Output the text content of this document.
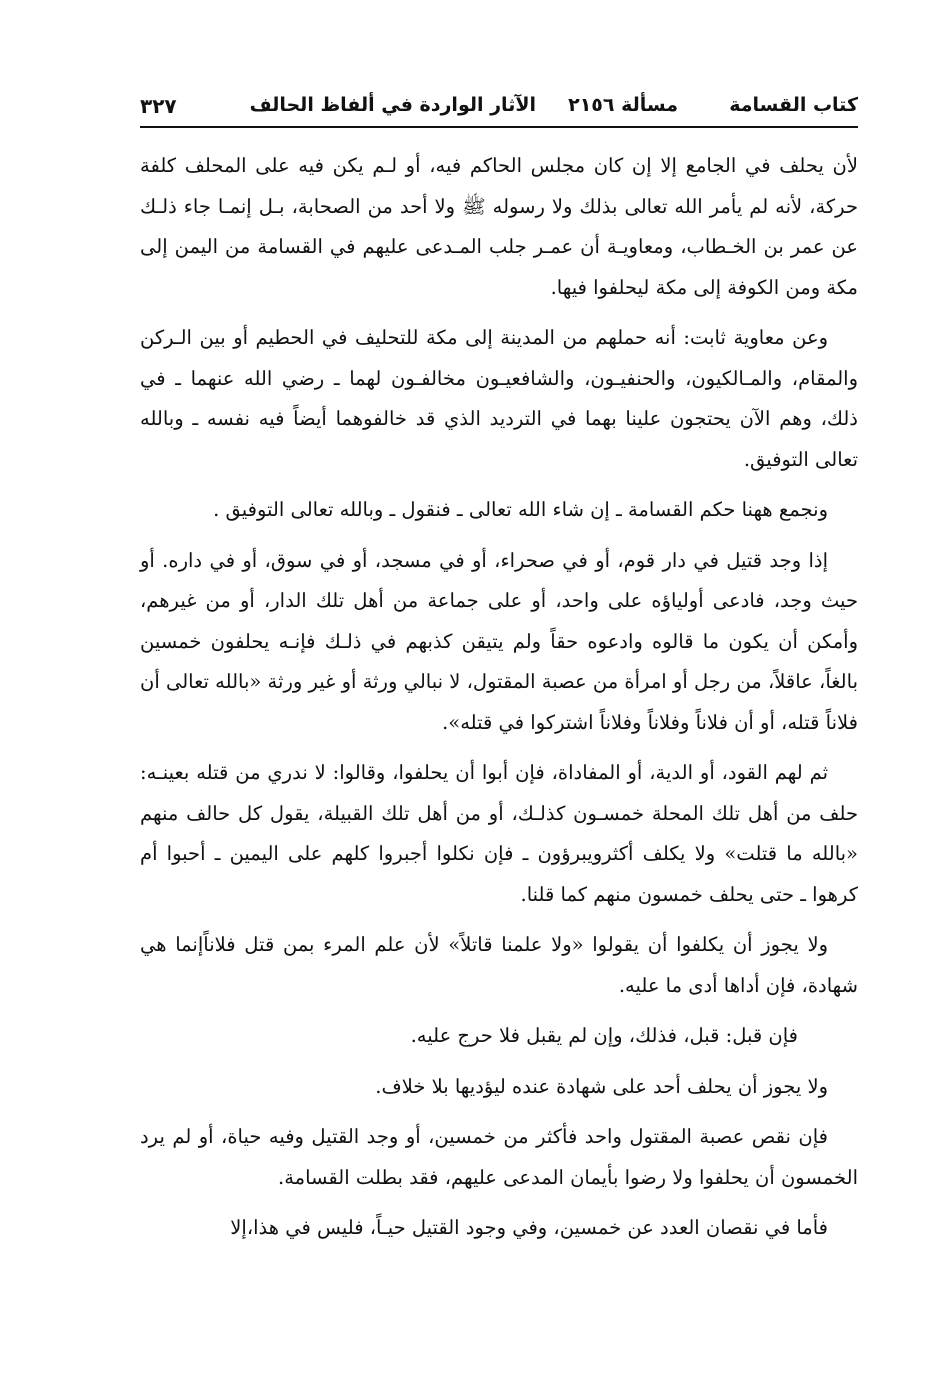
كتاب القسامة
مسألة ٢١٥٦
الآثار الواردة في ألفاظ الحالف
٣٢٧

لأن يحلف في الجامع إلا إن كان مجلس الحاكم فيه، أو لـم يكن فيه على المحلف كلفة حركة، لأنه لم يأمر الله تعالى بذلك ولا رسوله ﷺ ولا أحد من الصحابة، بـل إنمـا جاء ذلـك عن عمر بن الخـطاب، ومعاويـة أن عمـر جلب المـدعى عليهم في القسامة من اليمن إلى مكة ومن الكوفة إلى مكة ليحلفوا فيها.

وعن معاوية ثابت: أنه حملهم من المدينة إلى مكة للتحليف في الحطيم أو بين الـركن والمقام، والمـالكيون، والحنفيـون، والشافعيـون مخالفـون لهما ـ رضي الله عنهما ـ في ذلك، وهم الآن يحتجون علينا بهما في الترديد الذي قد خالفوهما أيضاً فيه نفسه ـ وبالله تعالى التوفيق.

ونجمع ههنا حكم القسامة ـ إن شاء الله تعالى ـ فنقول ـ وبالله تعالى التوفيق .

إذا وجد قتيل في دار قوم، أو في صحراء، أو في مسجد، أو في سوق، أو في داره. أو حيث وجد، فادعى أولياؤه على واحد، أو على جماعة من أهل تلك الدار، أو من غيرهم، وأمكن أن يكون ما قالوه وادعوه حقاً ولم يتيقن كذبهم في ذلـك فإنـه يحلفون خمسين بالغاً، عاقلاً، من رجل أو امرأة من عصبة المقتول، لا نبالي ورثة أو غير ورثة «بالله تعالى أن فلاناً قتله، أو أن فلاناً وفلاناً وفلاناً اشتركوا في قتله».

ثم لهم القود، أو الدية، أو المفاداة، فإن أبوا أن يحلفوا، وقالوا: لا ندري من قتله بعينـه: حلف من أهل تلك المحلة خمسـون كذلـك، أو من أهل تلك القبيلة، يقول كل حالف منهم «بالله ما قتلت» ولا يكلف أكثرويبرؤون ـ فإن نكلوا أجبروا كلهم على اليمين ـ أحبوا أم كرهوا ـ حتى يحلف خمسون منهم كما قلنا.

ولا يجوز أن يكلفوا أن يقولوا «ولا علمنا قاتلاً» لأن علم المرء بمن قتل فلاناًإنما هي شهادة، فإن أداها أدى ما عليه.

فإن قبل: قبل، فذلك، وإن لم يقبل فلا حرج عليه.

ولا يجوز أن يحلف أحد على شهادة عنده ليؤديها بلا خلاف.

فإن نقص عصبة المقتول واحد فأكثر من خمسين، أو وجد القتيل وفيه حياة، أو لم يرد الخمسون أن يحلفوا ولا رضوا بأيمان المدعى عليهم، فقد بطلت القسامة.

فأما في نقصان العدد عن خمسين، وفي وجود القتيل حيـاً، فليس في هذا،إلا
